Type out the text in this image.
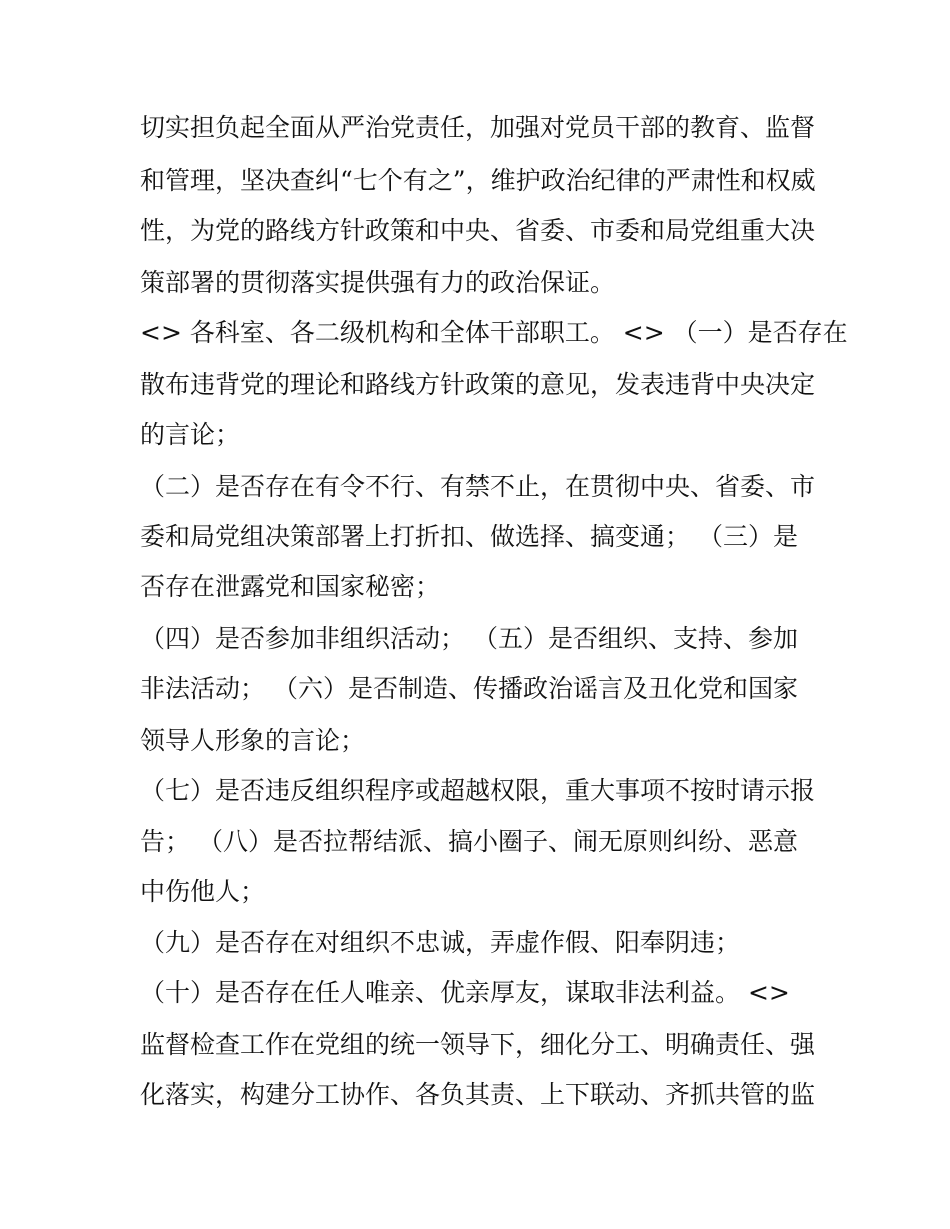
切实担负起全面从严治党责任，加强对党员干部的教育、监督
和管理，坚决查纠“七个有之”，维护政治纪律的严肃性和权威
性，为党的路线方针政策和中央、省委、市委和局党组重大决
策部署的贯彻落实提供强有力的政治保证。
<> 各科室、各二级机构和全体干部职工。 <> （一）是否存在
散布违背党的理论和路线方针政策的意见，发表违背中央决定
的言论；
（二）是否存在有令不行、有禁不止，在贯彻中央、省委、市
委和局党组决策部署上打折扣、做选择、搞变通； （三）是
否存在泄露党和国家秘密；
（四）是否参加非组织活动； （五）是否组织、支持、参加
非法活动； （六）是否制造、传播政治谣言及丑化党和国家
领导人形象的言论；
（七）是否违反组织程序或超越权限，重大事项不按时请示报
告； （八）是否拉帮结派、搞小圈子、闹无原则纠纷、恶意
中伤他人；
（九）是否存在对组织不忠诚，弄虚作假、阳奉阴违；
（十）是否存在任人唯亲、优亲厚友，谋取非法利益。 <>
监督检查工作在党组的统一领导下，细化分工、明确责任、强
化落实，构建分工协作、各负其责、上下联动、齐抓共管的监
